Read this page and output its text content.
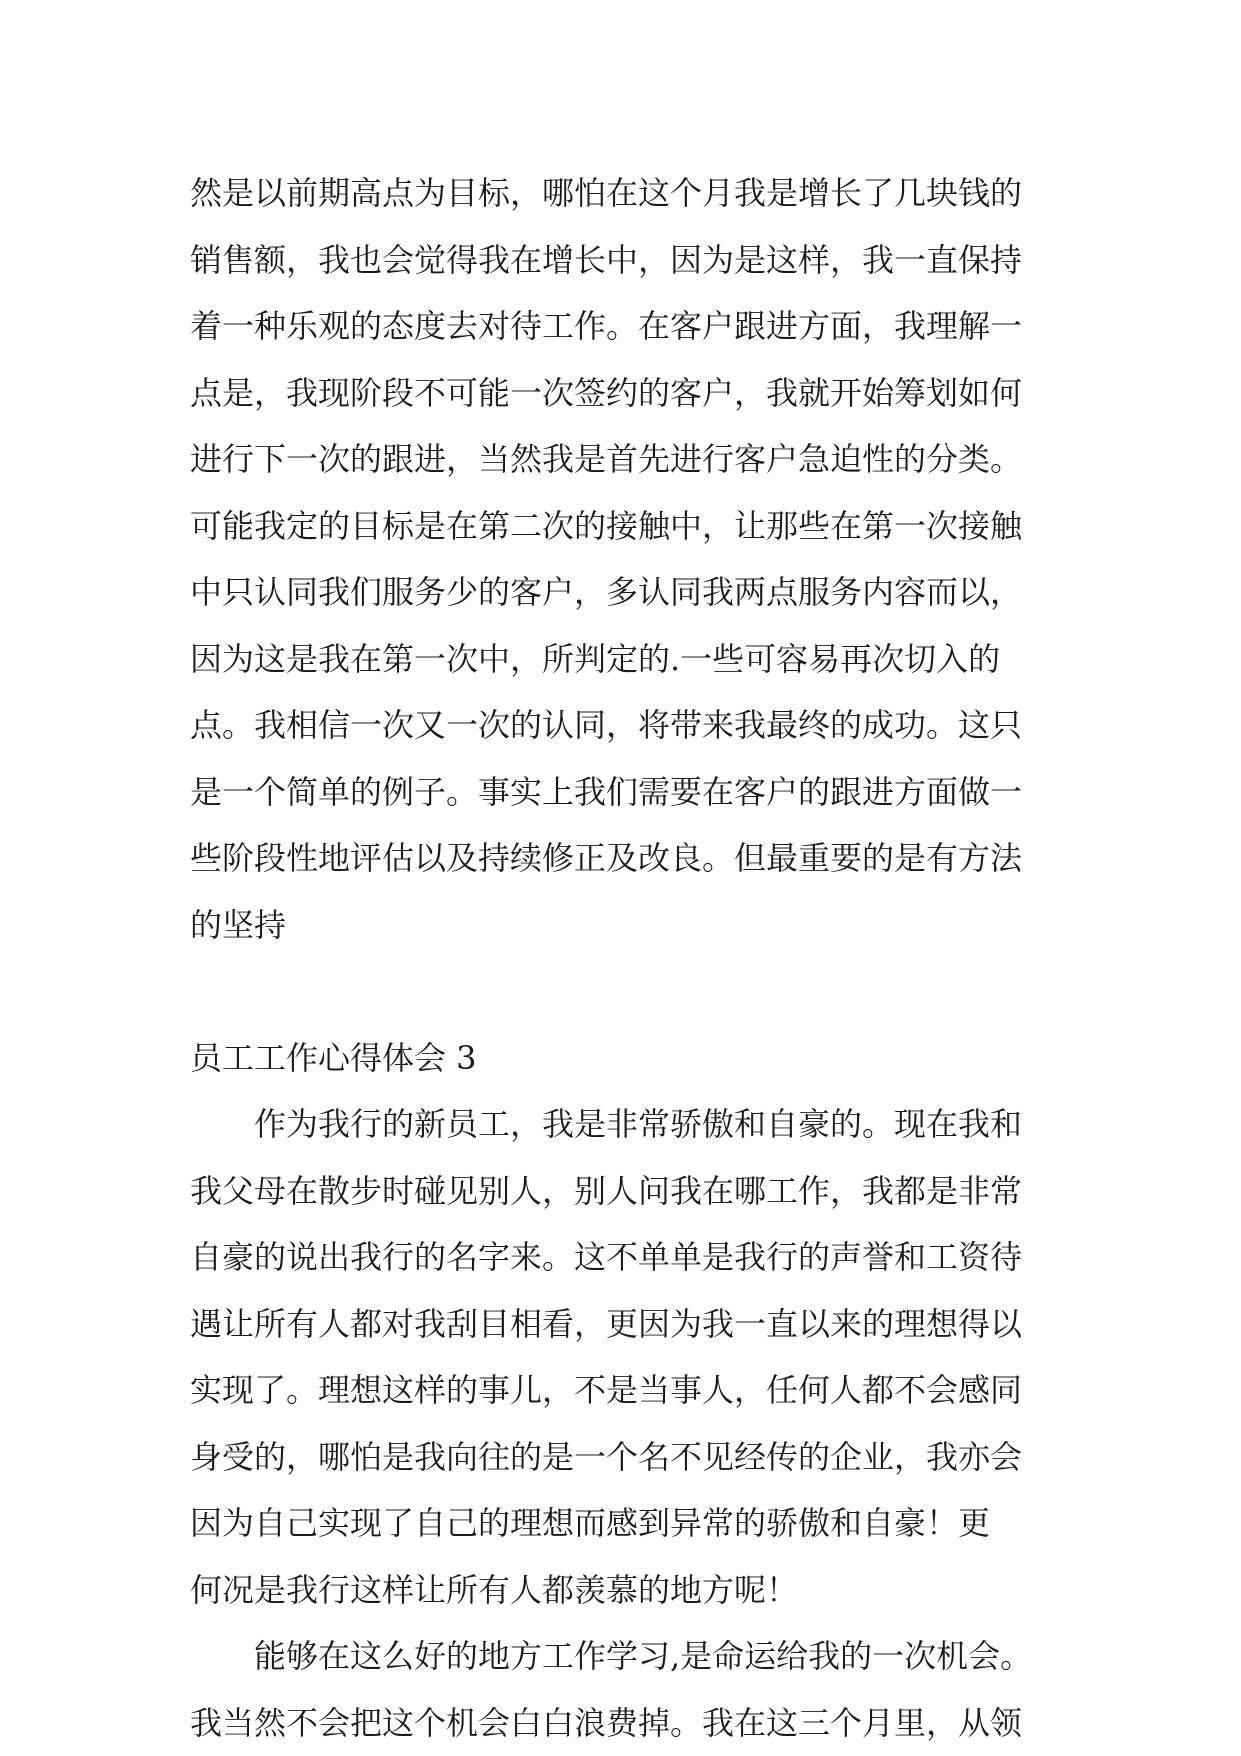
然是以前期高点为目标，哪怕在这个月我是增长了几块钱的
销售额，我也会觉得我在增长中，因为是这样，我一直保持
着一种乐观的态度去对待工作。在客户跟进方面，我理解一
点是，我现阶段不可能一次签约的客户，我就开始筹划如何
进行下一次的跟进，当然我是首先进行客户急迫性的分类。
可能我定的目标是在第二次的接触中，让那些在第一次接触
中只认同我们服务少的客户，多认同我两点服务内容而以，
因为这是我在第一次中，所判定的.一些可容易再次切入的
点。我相信一次又一次的认同，将带来我最终的成功。这只
是一个简单的例子。事实上我们需要在客户的跟进方面做一
些阶段性地评估以及持续修正及改良。但最重要的是有方法
的坚持
员工工作心得体会 3
作为我行的新员工，我是非常骄傲和自豪的。现在我和
我父母在散步时碰见别人，别人问我在哪工作，我都是非常
自豪的说出我行的名字来。这不单单是我行的声誉和工资待
遇让所有人都对我刮目相看，更因为我一直以来的理想得以
实现了。理想这样的事儿，不是当事人，任何人都不会感同
身受的，哪怕是我向往的是一个名不见经传的企业，我亦会
因为自己实现了自己的理想而感到异常的骄傲和自豪！更
何况是我行这样让所有人都羡慕的地方呢！
能够在这么好的地方工作学习,是命运给我的一次机会。
我当然不会把这个机会白白浪费掉。我在这三个月里，从领
